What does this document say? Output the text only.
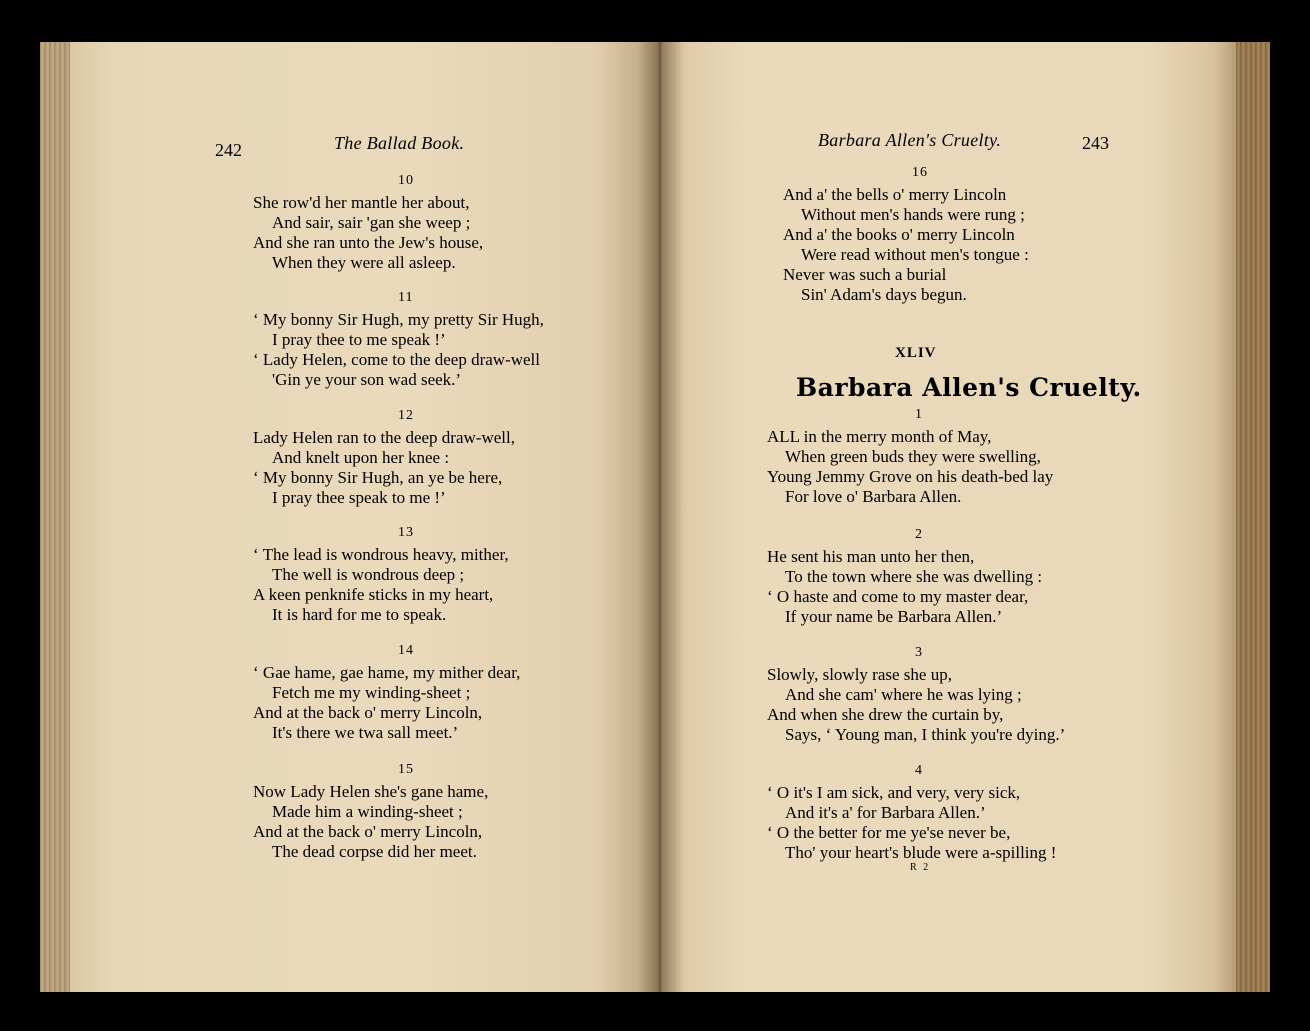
242	The Ballad Book.
10
She row'd her mantle her about,
And sair, sair 'gan she weep ;
And she ran unto the Jew's house,
When they were all asleep.
11
‘ My bonny Sir Hugh, my pretty Sir Hugh,
I pray thee to me speak !’
‘ Lady Helen, come to the deep draw-well
'Gin ye your son wad seek.’
12
Lady Helen ran to the deep draw-well,
And knelt upon her knee :
‘ My bonny Sir Hugh, an ye be here,
I pray thee speak to me !’
13
‘ The lead is wondrous heavy, mither,
The well is wondrous deep ;
A keen penknife sticks in my heart,
It is hard for me to speak.
14
‘ Gae hame, gae hame, my mither dear,
Fetch me my winding-sheet ;
And at the back o' merry Lincoln,
It's there we twa sall meet.’
15
Now Lady Helen she's gane hame,
Made him a winding-sheet ;
And at the back o' merry Lincoln,
The dead corpse did her meet.
Barbara Allen's Cruelty.	243
16
And a' the bells o' merry Lincoln
Without men's hands were rung ;
And a' the books o' merry Lincoln
Were read without men's tongue :
Never was such a burial
Sin' Adam's days begun.
XLIV
Barbara Allen's Cruelty.
1
ALL in the merry month of May,
When green buds they were swelling,
Young Jemmy Grove on his death-bed lay
For love o' Barbara Allen.
2
He sent his man unto her then,
To the town where she was dwelling :
‘ O haste and come to my master dear,
If your name be Barbara Allen.’
3
Slowly, slowly rase she up,
And she cam' where he was lying ;
And when she drew the curtain by,
Says, ‘ Young man, I think you're dying.’
4
‘ O it's I am sick, and very, very sick,
And it's a' for Barbara Allen.’
‘ O the better for me ye'se never be,
Tho' your heart's blude were a-spilling !
R 2
